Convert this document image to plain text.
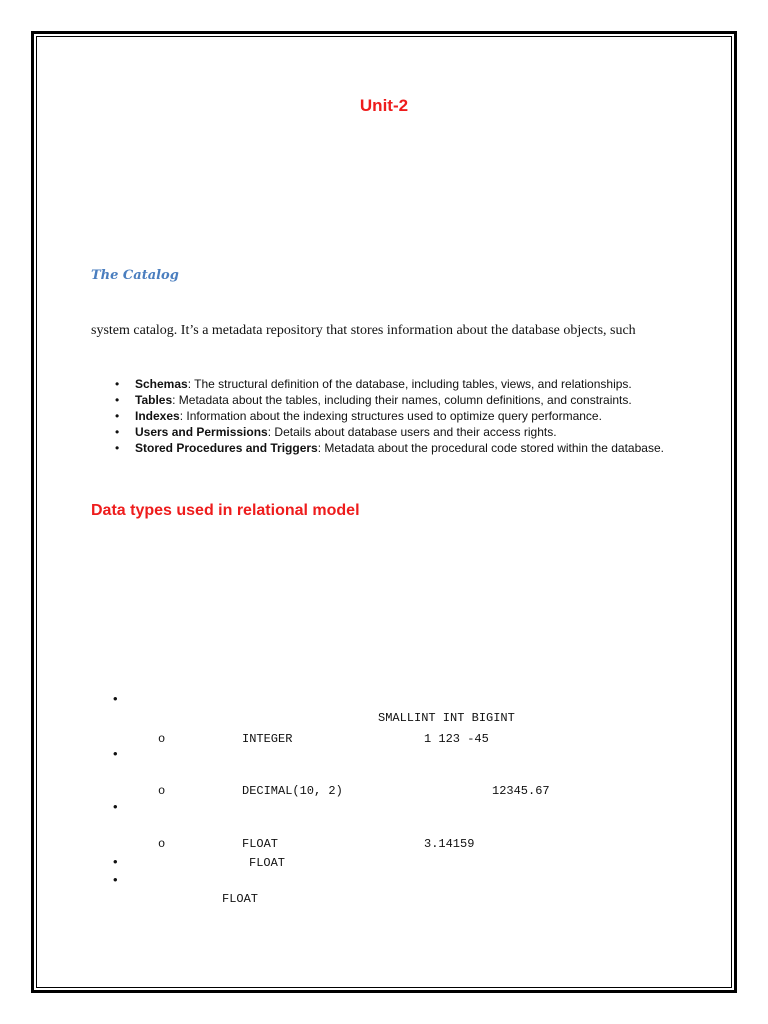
Unit-2
The Catalog
system catalog. It’s a metadata repository that stores information about the database objects, such
• Schemas: The structural definition of the database, including tables, views, and relationships.
• Tables: Metadata about the tables, including their names, column definitions, and constraints.
• Indexes: Information about the indexing structures used to optimize query performance.
• Users and Permissions: Details about database users and their access rights.
• Stored Procedures and Triggers: Metadata about the procedural code stored within the database.
Data types used in relational model
•
SMALLINT INT BIGINT
o	INTEGER	1 123 -45
•
o	DECIMAL(10, 2)	12345.67
•
o	FLOAT	3.14159
•	FLOAT
•
FLOAT
